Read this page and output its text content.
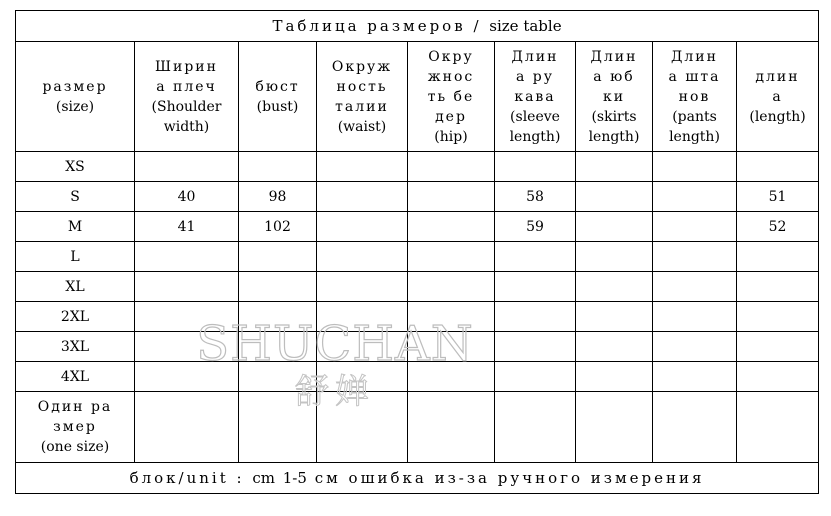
Таблица размеров / size table								

размер
(size)	Ширин
а плеч
(Shoulder
width)	бюст
(bust)	Окруж
ность
талии
(waist)	Окру
жнос
ть бе
дер
(hip)	Длин
а ру
кава
(sleeve
length)	Длин
а юб
ки
(skirts
length)	Длин
а шта
нов
(pants
length)	длин
а
(length)

XS								
S	40	98			58			51
M	41	102			59			52
L								
XL								
2XL								
3XL								
4XL								

Один ра
змер
(one size)								

блок/unit : cm 1-5 см ошибка из-за ручного измерения								
SHUCHAN
舒婵
